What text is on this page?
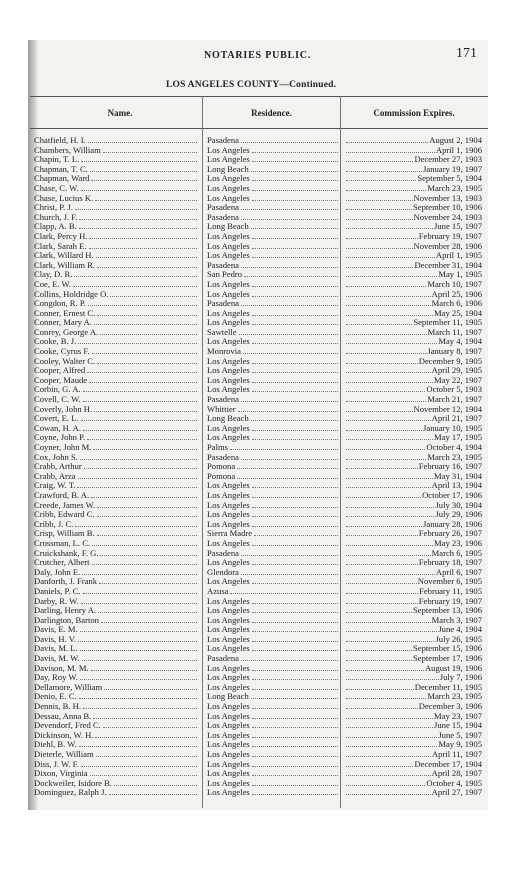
NOTARIES PUBLIC.	171
LOS ANGELES COUNTY—Continued.
Name.	Residence.	Commission Expires.
Chatfield, H. I.	Pasadena	August 2, 1904
Chambers, William	Los Angeles	April 1, 1906
Chapin, T. L.	Los Angeles	December 27, 1903
Chapman, T. C.	Long Beach	January 19, 1907
Chapman, Ward	Los Angeles	September 5, 1904
Chase, C. W.	Los Angeles	March 23, 1905
Chase, Lucius K.	Los Angeles	November 13, 1903
Christ, P. J.	Pasadena	September 10, 1906
Church, J. F.	Pasadena	November 24, 1903
Clapp, A. B.	Long Beach	June 15, 1907
Clark, Percy H.	Los Angeles	February 19, 1907
Clark, Sarah E.	Los Angeles	November 28, 1906
Clark, Willard H.	Los Angeles	April 1, 1905
Clark, William R.	Pasadena	December 31, 1904
Clay, D. R.	San Pedro	May 1, 1905
Coe, E. W.	Los Angeles	March 10, 1907
Collins, Holdridge O.	Los Angeles	April 25, 1906
Congdon, R. P.	Pasadena	March 6, 1906
Conner, Ernest C.	Los Angeles	May 25, 1904
Conner, Mary A.	Los Angeles	September 11, 1905
Conrey, George A.	Sawtelle	March 11, 1907
Cooke, B. J.	Los Angeles	May 4, 1904
Cooke, Cyrus F.	Monrovia	January 8, 1907
Cooley, Walter C.	Los Angeles	December 9, 1905
Cooper, Alfred	Los Angeles	April 29, 1905
Cooper, Maude	Los Angeles	May 22, 1907
Corbin, G. A.	Los Angeles	October 5, 1903
Covell, C. W.	Pasadena	March 21, 1907
Coverly, John H.	Whittier	November 12, 1904
Covert, E. L.	Long Beach	April 21, 1907
Cowan, H. A.	Los Angeles	January 10, 1905
Coyne, John P.	Los Angeles	May 17, 1905
Coyner, John M.	Palms	October 4, 1904
Cox, John S.	Pasadena	March 23, 1905
Crabb, Arthur	Pomona	February 16, 1907
Crabb, Arza	Pomona	May 31, 1904
Craig, W. T.	Los Angeles	April 13, 1904
Crawford, B. A.	Los Angeles	October 17, 1906
Creede, James W.	Los Angeles	July 30, 1904
Cribb, Edward C.	Los Angeles	July 29, 1906
Cribb, J. C.	Los Angeles	January 28, 1906
Crisp, William B.	Sierra Madre	February 26, 1907
Crossman, L. C.	Los Angeles	May 23, 1906
Cruickshank, F. G.	Pasadena	March 6, 1905
Crutcher, Albert	Los Angeles	February 18, 1907
Daly, John E.	Glendora	April 6, 1907
Danforth, J. Frank	Los Angeles	November 6, 1905
Daniels, P. C.	Azusa	February 11, 1905
Darby, R. W.	Los Angeles	February 19, 1907
Darling, Henry A.	Los Angeles	September 13, 1906
Darlington, Barton	Los Angeles	March 3, 1907
Davis, E. M.	Los Angeles	June 4, 1904
Davis, H. V.	Los Angeles	July 26, 1905
Davis, M. L.	Los Angeles	September 15, 1906
Davis, M. W.	Pasadena	September 17, 1906
Davison, M. M.	Los Angeles	August 19, 1906
Day, Roy W.	Los Angeles	July 7, 1906
Dellamore, William	Los Angeles	December 11, 1905
Denio, E. C.	Long Beach	March 23, 1905
Dennis, B. H.	Los Angeles	December 3, 1906
Dessau, Anna B.	Los Angeles	May 23, 1907
Devendorf, Fred C.	Los Angeles	June 15, 1904
Dickinson, W. H.	Los Angeles	June 5, 1907
Diehl, B. W.	Los Angeles	May 9, 1905
Dieterle, William	Los Angeles	April 11, 1907
Diss, J. W. F.	Los Angeles	December 17, 1904
Dixon, Virginia	Los Angeles	April 28, 1907
Dockweiler, Isidore B.	Los Angeles	October 4, 1905
Dominguez, Ralph J.	Los Angeles	April 27, 1907
